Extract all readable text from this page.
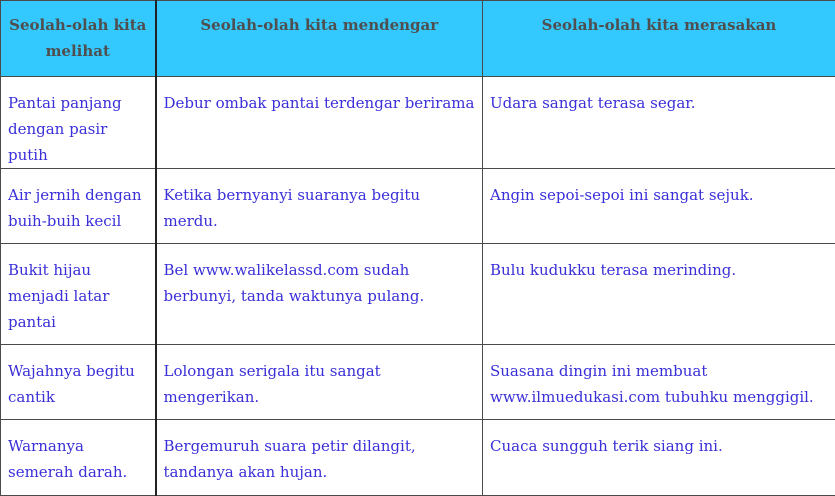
Seolah-olah kita melihat	Seolah-olah kita mendengar	Seolah-olah kita merasakan
Pantai panjang dengan pasir putih	Debur ombak pantai terdengar berirama	Udara sangat terasa segar.
Air jernih dengan buih-buih kecil	Ketika bernyanyi suaranya begitu merdu.	Angin sepoi-sepoi ini sangat sejuk.
Bukit hijau menjadi latar pantai	Bel www.walikelassd.com sudah berbunyi, tanda waktunya pulang.	Bulu kudukku terasa merinding.
Wajahnya begitu cantik	Lolongan serigala itu sangat mengerikan.	Suasana dingin ini membuat www.ilmuedukasi.com tubuhku menggigil.
Warnanya semerah darah.	Bergemuruh suara petir dilangit, tandanya akan hujan.	Cuaca sungguh terik siang ini.
